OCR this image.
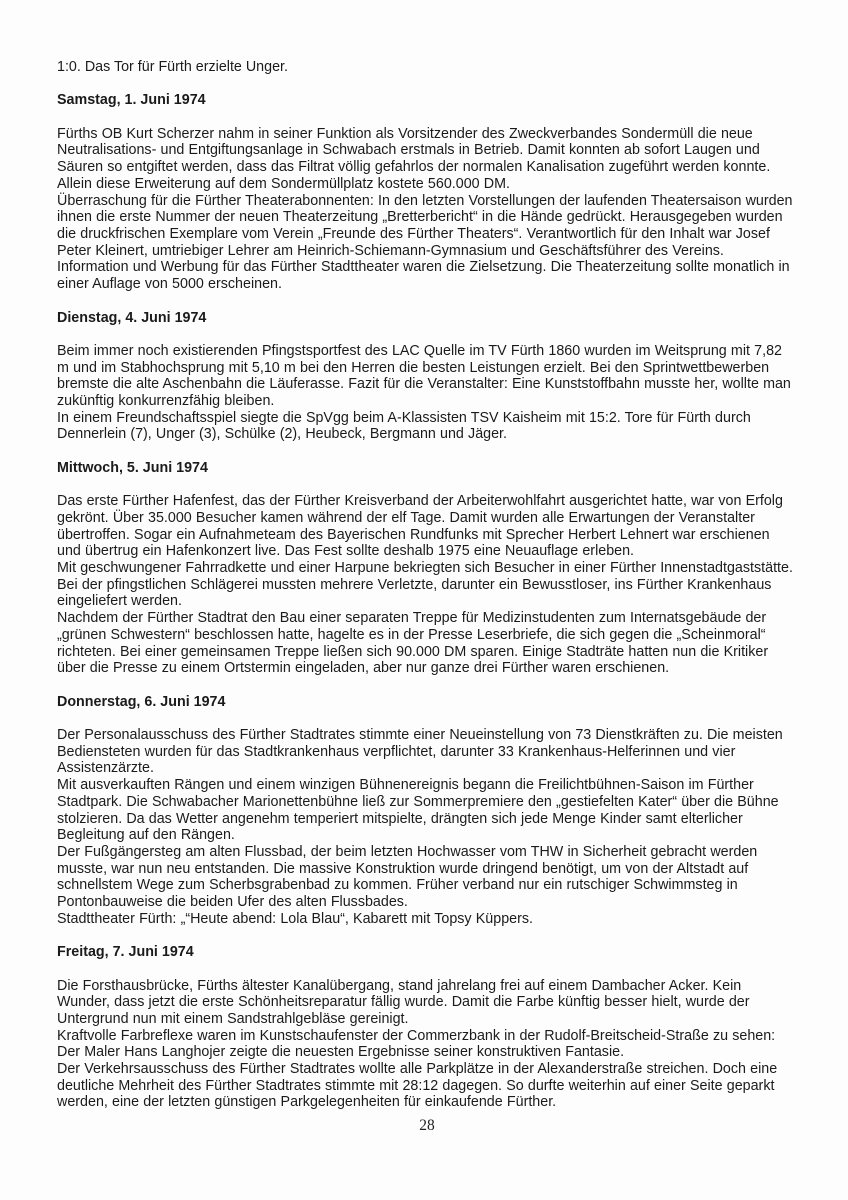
1:0. Das Tor für Fürth erzielte Unger.

Samstag, 1. Juni 1974

Fürths OB Kurt Scherzer nahm in seiner Funktion als Vorsitzender des Zweckverbandes Sondermüll die neue Neutralisations- und Entgiftungsanlage in Schwabach erstmals in Betrieb. Damit konnten ab sofort Laugen und Säuren so entgiftet werden, dass das Filtrat völlig gefahrlos der normalen Kanalisation zugeführt werden konnte. Allein diese Erweiterung auf dem Sondermüllplatz kostete 560.000 DM.

Überraschung für die Fürther Theaterabonnenten: In den letzten Vorstellungen der laufenden Theatersaison wurden ihnen die erste Nummer der neuen Theaterzeitung „Bretterbericht“ in die Hände gedrückt. Herausgegeben wurden die druckfrischen Exemplare vom Verein „Freunde des Fürther Theaters“. Verantwortlich für den Inhalt war Josef Peter Kleinert, umtriebiger Lehrer am Heinrich-Schiemann-Gymnasium und Geschäftsführer des Vereins. Information und Werbung für das Fürther Stadttheater waren die Zielsetzung. Die Theaterzeitung sollte monatlich in einer Auflage von 5000 erscheinen.

Dienstag, 4. Juni 1974

Beim immer noch existierenden Pfingstsportfest des LAC Quelle im TV Fürth 1860 wurden im Weitsprung mit 7,82 m und im Stabhochsprung mit 5,10 m bei den Herren die besten Leistungen erzielt. Bei den Sprintwettbewerben bremste die alte Aschenbahn die Läuferasse. Fazit für die Veranstalter: Eine Kunststoffbahn musste her, wollte man zukünftig konkurrenzfähig bleiben.

In einem Freundschaftsspiel siegte die SpVgg beim A-Klassisten TSV Kaisheim mit 15:2. Tore für Fürth durch Dennerlein (7), Unger (3), Schülke (2), Heubeck, Bergmann und Jäger.

Mittwoch, 5. Juni 1974

Das erste Fürther Hafenfest, das der Fürther Kreisverband der Arbeiterwohlfahrt ausgerichtet hatte, war von Erfolg gekrönt. Über 35.000 Besucher kamen während der elf Tage. Damit wurden alle Erwartungen der Veranstalter übertroffen. Sogar ein Aufnahmeteam des Bayerischen Rundfunks mit Sprecher Herbert Lehnert war erschienen und übertrug ein Hafenkonzert live. Das Fest sollte deshalb 1975 eine Neuauflage erleben.

Mit geschwungener Fahrradkette und einer Harpune bekriegten sich Besucher in einer Fürther Innenstadtgaststätte. Bei der pfingstlichen Schlägerei mussten mehrere Verletzte, darunter ein Bewusstloser, ins Fürther Krankenhaus eingeliefert werden.

Nachdem der Fürther Stadtrat den Bau einer separaten Treppe für Medizinstudenten zum Internatsgebäude der „grünen Schwestern“ beschlossen hatte, hagelte es in der Presse Leserbriefe, die sich gegen die „Scheinmoral“ richteten. Bei einer gemeinsamen Treppe ließen sich 90.000 DM sparen. Einige Stadträte hatten nun die Kritiker über die Presse zu einem Ortstermin eingeladen, aber nur ganze drei Fürther waren erschienen.

Donnerstag, 6. Juni 1974

Der Personalausschuss des Fürther Stadtrates stimmte einer Neueinstellung von 73 Dienstkräften zu. Die meisten Bediensteten wurden für das Stadtkrankenhaus verpflichtet, darunter 33 Krankenhaus-Helferinnen und vier Assistenzärzte.

Mit ausverkauften Rängen und einem winzigen Bühnenereignis begann die Freilichtbühnen-Saison im Fürther Stadtpark. Die Schwabacher Marionettenbühne ließ zur Sommerpremiere den „gestiefelten Kater“ über die Bühne stolzieren. Da das Wetter angenehm temperiert mitspielte, drängten sich jede Menge Kinder samt elterlicher Begleitung auf den Rängen.

Der Fußgängersteg am alten Flussbad, der beim letzten Hochwasser vom THW in Sicherheit gebracht werden musste, war nun neu entstanden. Die massive Konstruktion wurde dringend benötigt, um von der Altstadt auf schnellstem Wege zum Scherbsgrabenbad zu kommen. Früher verband nur ein rutschiger Schwimmsteg in Pontonbauweise die beiden Ufer des alten Flussbades.

Stadttheater Fürth: „“Heute abend: Lola Blau“, Kabarett mit Topsy Küppers.

Freitag, 7. Juni 1974

Die Forsthausbrücke, Fürths ältester Kanalübergang, stand jahrelang frei auf einem Dambacher Acker. Kein Wunder, dass jetzt die erste Schönheitsreparatur fällig wurde. Damit die Farbe künftig besser hielt, wurde der Untergrund nun mit einem Sandstrahlgebläse gereinigt.

Kraftvolle Farbreflexe waren im Kunstschaufenster der Commerzbank in der Rudolf-Breitscheid-Straße zu sehen: Der Maler Hans Langhojer zeigte die neuesten Ergebnisse seiner konstruktiven Fantasie.

Der Verkehrsausschuss des Fürther Stadtrates wollte alle Parkplätze in der Alexanderstraße streichen. Doch eine deutliche Mehrheit des Fürther Stadtrates stimmte mit 28:12 dagegen. So durfte weiterhin auf einer Seite geparkt werden, eine der letzten günstigen Parkgelegenheiten für einkaufende Fürther.

28
